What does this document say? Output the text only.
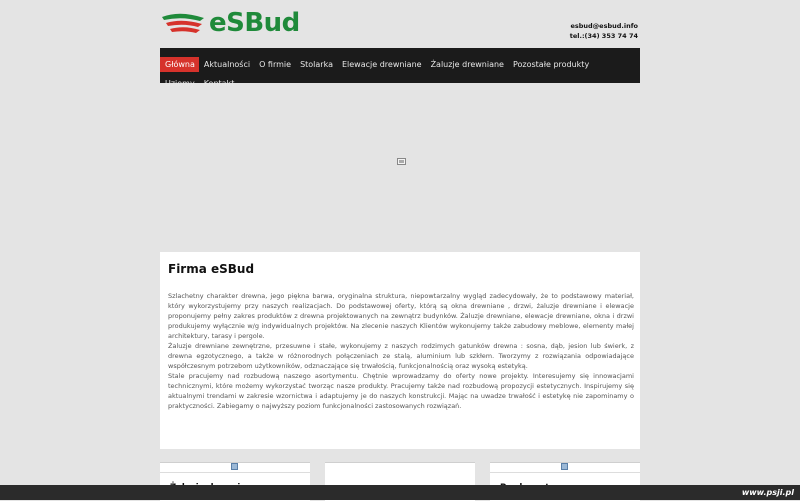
eSBud	esbud@esbud.info
tel.:(34) 353 74 74
Główna	Aktualności	O firmie	Stolarka	Elewacje drewniane	Żaluzje drewniane	Pozostałe produkty
Uziomy	Kontakt
Firma eSBud

Szlachetny charakter drewna, jego piękna barwa, oryginalna struktura, niepowtarzalny wygląd zadecydowały, że to podstawowy materiał, który wykorzystujemy przy naszych realizacjach. Do podstawowej oferty, którą są okna drewniane , drzwi, żaluzje drewniane i elewacje proponujemy pełny zakres produktów z drewna projektowanych na zewnątrz budynków. Żaluzje drewniane, elewacje drewniane, okna i drzwi produkujemy wyłącznie w/g indywidualnych projektów. Na zlecenie naszych Klientów wykonujemy także zabudowy meblowe, elementy małej architektury, tarasy i pergole.

Żaluzje drewniane zewnętrzne, przesuwne i stałe, wykonujemy z naszych rodzimych gatunków drewna : sosna, dąb, jesion lub świerk, z drewna egzotycznego, a także w różnorodnych połączeniach ze stalą, aluminium lub szkłem. Tworzymy z rozwiązania odpowiadające współczesnym potrzebom użytkowników, odznaczające się trwałością, funkcjonalnością oraz wysoką estetyką.

Stale pracujemy nad rozbudową naszego asortymentu. Chętnie wprowadzamy do oferty nowe projekty. Interesujemy się innowacjami technicznymi, które możemy wykorzystać tworząc nasze produkty. Pracujemy także nad rozbudową propozycji estetycznych. Inspirujemy się aktualnymi trendami w zakresie wzornictwa i adaptujemy je do naszych konstrukcji. Mając na uwadze trwałość i estetykę nie zapominamy o praktyczności. Zabiegamy o najwyższy poziom funkcjonalności zastosowanych rozwiązań.

www.psji.pl
